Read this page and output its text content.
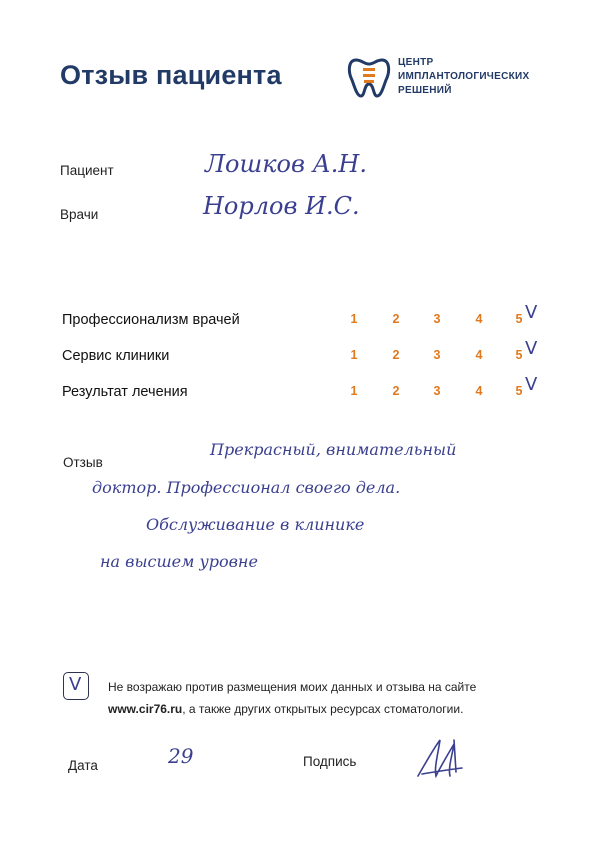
Отзыв пациента	ЦЕНТР
ИМПЛАНТОЛОГИЧЕСКИХ
РЕШЕНИЙ
Пациент	Лошков А.Н.
Врачи	Норлов И.С.
Профессионализм врачей	1	2	3	4	5 V
Сервис клиники	1	2	3	4	5 V
Результат лечения	1	2	3	4	5 V
Отзыв
Прекрасный, внимательный
доктор. Профессионал своего дела.
Обслуживание в клинике
на высшем уровне
V Не возражаю против размещения моих данных и отзыва на сайте
www.cir76.ru, а также других открытых ресурсах стоматологии.
Дата	29	Подпись
